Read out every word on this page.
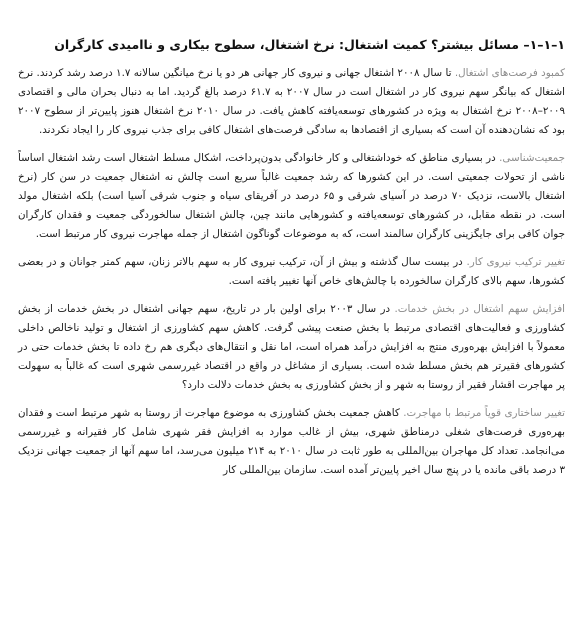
۱–۱–۱– مسائل بیشتر؟ کمیت اشتغال: نرخ اشتغال، سطوح بیکاری و ناامیدی کارگران

کمبود فرصت‌های اشتغال. تا سال ۲۰۰۸ اشتغال جهانی و نیروی کار جهانی هر دو یا نرخ میانگین سالانه ۱.۷ درصد رشد کردند. نرخ اشتغال که بیانگر سهم نیروی کار در اشتغال است در سال ۲۰۰۷ به ۶۱.۷ درصد بالغ گردید. اما به دنبال بحران مالی و اقتصادی ۲۰۰۹–۲۰۰۸ نرخ اشتغال به ویژه در کشورهای توسعه‌یافته کاهش یافت. در سال ۲۰۱۰ نرخ اشتغال هنوز پایین‌تر از سطوح ۲۰۰۷ بود که نشان‌دهنده آن است که بسیاری از اقتصادها به سادگی فرصت‌های اشتغال کافی برای جذب نیروی کار را ایجاد نکردند.

جمعیت‌شناسی. در بسیاری مناطق که خوداشتغالی و کار خانوادگی بدون‌پرداخت، اشکال مسلط اشتغال است رشد اشتغال اساساً ناشی از تحولات جمعیتی است. در این کشورها که رشد جمعیت غالباً سریع است چالش نه اشتغال جمعیت در سن کار (نرخ اشتغال بالاست، نزدیک ۷۰ درصد در آسیای شرقی و ۶۵ درصد در آفریقای سیاه و جنوب شرقی آسیا است) بلکه اشتغال مولد است. در نقطه مقابل، در کشورهای توسعه‌یافته و کشورهایی مانند چین، چالش اشتغال سالخوردگی جمعیت و فقدان کارگران جوان کافی برای جایگزینی کارگران سالمند است، که به موضوعات گوناگون اشتغال از جمله مهاجرت نیروی کار مرتبط است.

تغییر ترکیب نیروی کار. در بیست سال گذشته و بیش از آن، ترکیب نیروی کار به سهم بالاتر زنان، سهم کمتر جوانان و در بعضی کشورها، سهم بالای کارگران سالخورده با چالش‌های خاص آنها تغییر یافته است.

افزایش سهم اشتغال در بخش خدمات. در سال ۲۰۰۳ برای اولین بار در تاریخ، سهم جهانی اشتغال در بخش خدمات از بخش کشاورزی و فعالیت‌های اقتصادی مرتبط با بخش صنعت پیشی گرفت. کاهش سهم کشاورزی از اشتغال و تولید ناخالص داخلی معمولاً با افزایش بهره‌وری منتج به افزایش درآمد همراه است، اما نقل و انتقال‌های دیگری هم رخ داده تا بخش خدمات حتی در کشورهای فقیرتر هم بخش مسلط شده است. بسیاری از مشاغل در واقع در اقتصاد غیررسمی شهری است که غالباً به سهولت پر مهاجرت اقشار فقیر از روستا به شهر و از بخش کشاورزی به بخش خدمات دلالت دارد؟

تغییر ساختاری قویاً مرتبط با مهاجرت. کاهش جمعیت بخش کشاورزی به موضوع مهاجرت از روستا به شهر مرتبط است و فقدان بهره‌وری فرصت‌های شغلی درمناطق شهری، بیش از غالب موارد به افزایش فقر شهری شامل کار فقیرانه و غیررسمی می‌انجامد. تعداد کل مهاجران بین‌المللی به طور ثابت در سال ۲۰۱۰ به ۲۱۴ میلیون می‌رسد، اما سهم آنها از جمعیت جهانی نزدیک ۳ درصد باقی مانده یا در پنج سال اخیر پایین‌تر آمده است. سازمان بین‌المللی کار
